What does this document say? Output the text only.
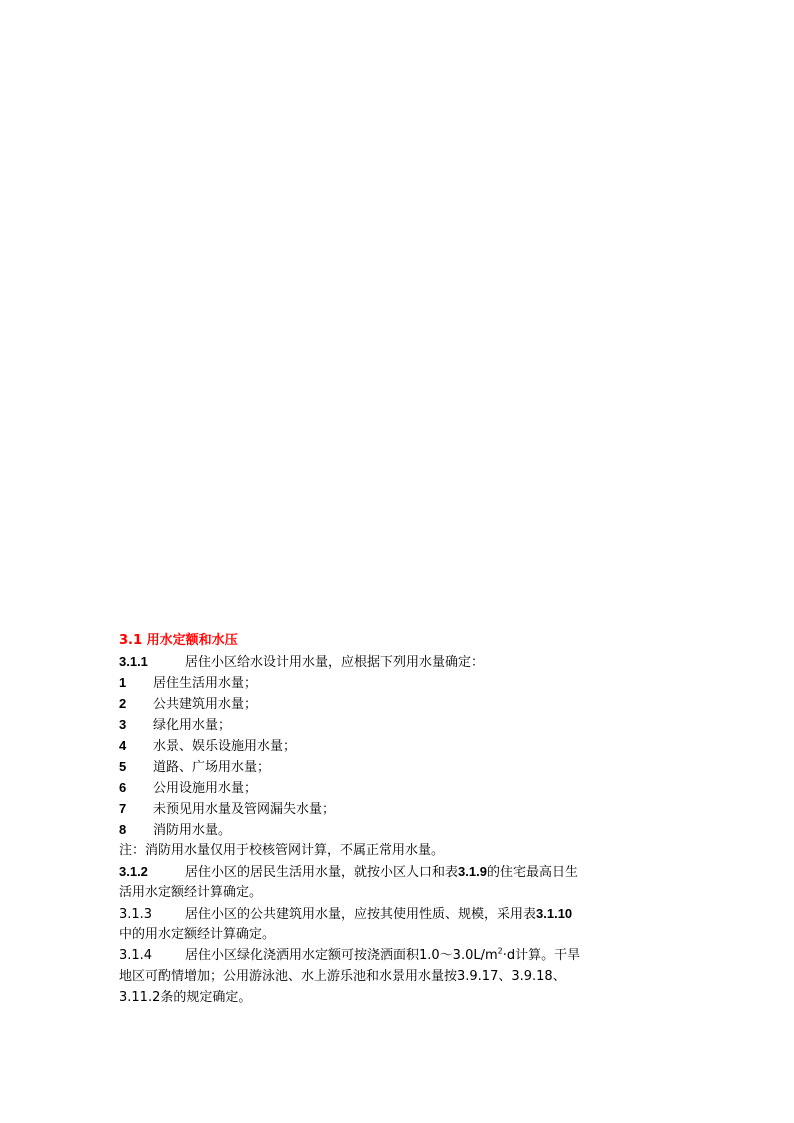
3.1 用水定额和水压
3.1.1	居住小区给水设计用水量，应根据下列用水量确定：
1 居住生活用水量；
2 公共建筑用水量；
3 绿化用水量；
4 水景、娱乐设施用水量；
5 道路、广场用水量；
6 公用设施用水量；
7 未预见用水量及管网漏失水量；
8 消防用水量。
注：消防用水量仅用于校核管网计算，不属正常用水量。
3.1.2	居住小区的居民生活用水量，就按小区人口和表3.1.9的住宅最高日生
活用水定额经计算确定。
3.1.3	居住小区的公共建筑用水量，应按其使用性质、规模，采用表3.1.10
中的用水定额经计算确定。
3.1.4	居住小区绿化浇洒用水定额可按浇洒面积$1.0\sim 3.0L/m^2\cdot d$计算。干旱
地区可酌情增加；公用游泳池、水上游乐池和水景用水量按3.9.17、3.9.18、
3.11.2条的规定确定。
